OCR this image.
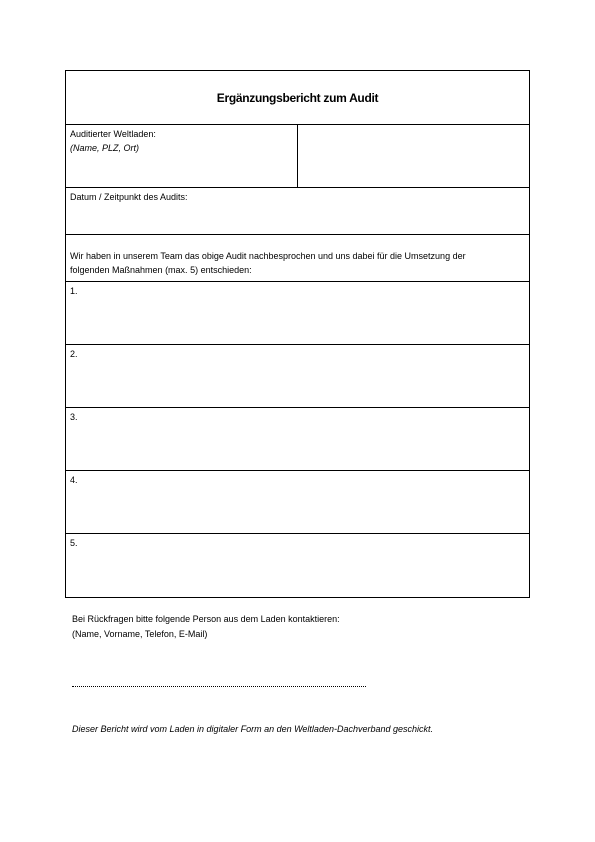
Ergänzungsbericht zum Audit
Auditierter Weltladen:
(Name, PLZ, Ort)
Datum / Zeitpunkt des Audits:
Wir haben in unserem Team das obige Audit nachbesprochen und uns dabei für die Umsetzung der
folgenden Maßnahmen (max. 5) entschieden:
1.
2.
3.
4.
5.
Bei Rückfragen bitte folgende Person aus dem Laden kontaktieren:
(Name, Vorname, Telefon, E-Mail)
Dieser Bericht wird vom Laden in digitaler Form an den Weltladen-Dachverband geschickt.
